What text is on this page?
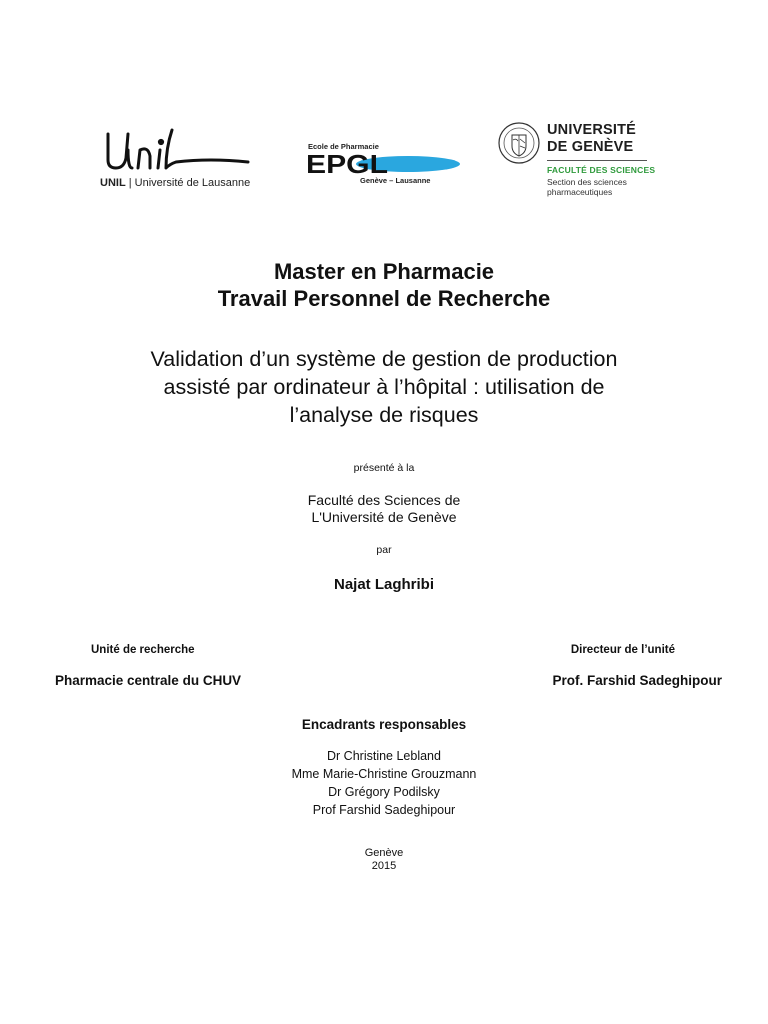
UNIL | Université de Lausanne
Ecole de Pharmacie
EPGL
Genève – Lausanne
UNIVERSITÉ
DE GENÈVE
FACULTÉ DES SCIENCES
Section des sciences pharmaceutiques
Master en Pharmacie
Travail Personnel de Recherche
Validation d’un système de gestion de production
assisté par ordinateur à l’hôpital : utilisation de
l’analyse de risques
présenté à la
Faculté des Sciences de
L'Université de Genève
par
Najat Laghribi
Unité de recherche
Pharmacie centrale du CHUV
Directeur de l’unité
Prof. Farshid Sadeghipour
Encadrants responsables
Dr Christine Lebland
Mme Marie-Christine Grouzmann
Dr Grégory Podilsky
Prof Farshid Sadeghipour
Genève
2015
